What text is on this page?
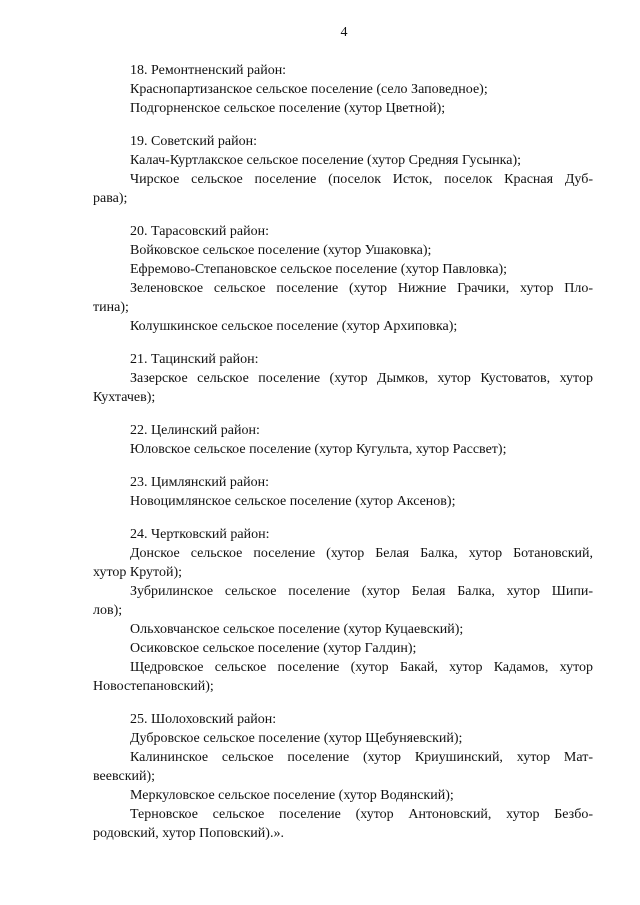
4
18. Ремонтненский район:
Краснопартизанское сельское поселение (село Заповедное);
Подгорненское сельское поселение (хутор Цветной);
19. Советский район:
Калач-Куртлакское сельское поселение (хутор Средняя Гусынка);
Чирское сельское поселение (поселок Исток, поселок Красная Дуб-
рава);
20. Тарасовский район:
Войковское сельское поселение (хутор Ушаковка);
Ефремово-Степановское сельское поселение (хутор Павловка);
Зеленовское сельское поселение (хутор Нижние Грачики, хутор Пло-
тина);
Колушкинское сельское поселение (хутор Архиповка);
21. Тацинский район:
Зазерское сельское поселение (хутор Дымков, хутор Кустоватов, хутор
Кухтачев);
22. Целинский район:
Юловское сельское поселение (хутор Кугульта, хутор Рассвет);
23. Цимлянский район:
Новоцимлянское сельское поселение (хутор Аксенов);
24. Чертковский район:
Донское сельское поселение (хутор Белая Балка, хутор Ботановский,
хутор Крутой);
Зубрилинское сельское поселение (хутор Белая Балка, хутор Шипи-
лов);
Ольховчанское сельское поселение (хутор Куцаевский);
Осиковское сельское поселение (хутор Галдин);
Щедровское сельское поселение (хутор Бакай, хутор Кадамов, хутор
Новостепановский);
25. Шолоховский район:
Дубровское сельское поселение (хутор Щебуняевский);
Калининское сельское поселение (хутор Криушинский, хутор Мат-
веевский);
Меркуловское сельское поселение (хутор Водянский);
Терновское сельское поселение (хутор Антоновский, хутор Безбо-
родовский, хутор Поповский).».
